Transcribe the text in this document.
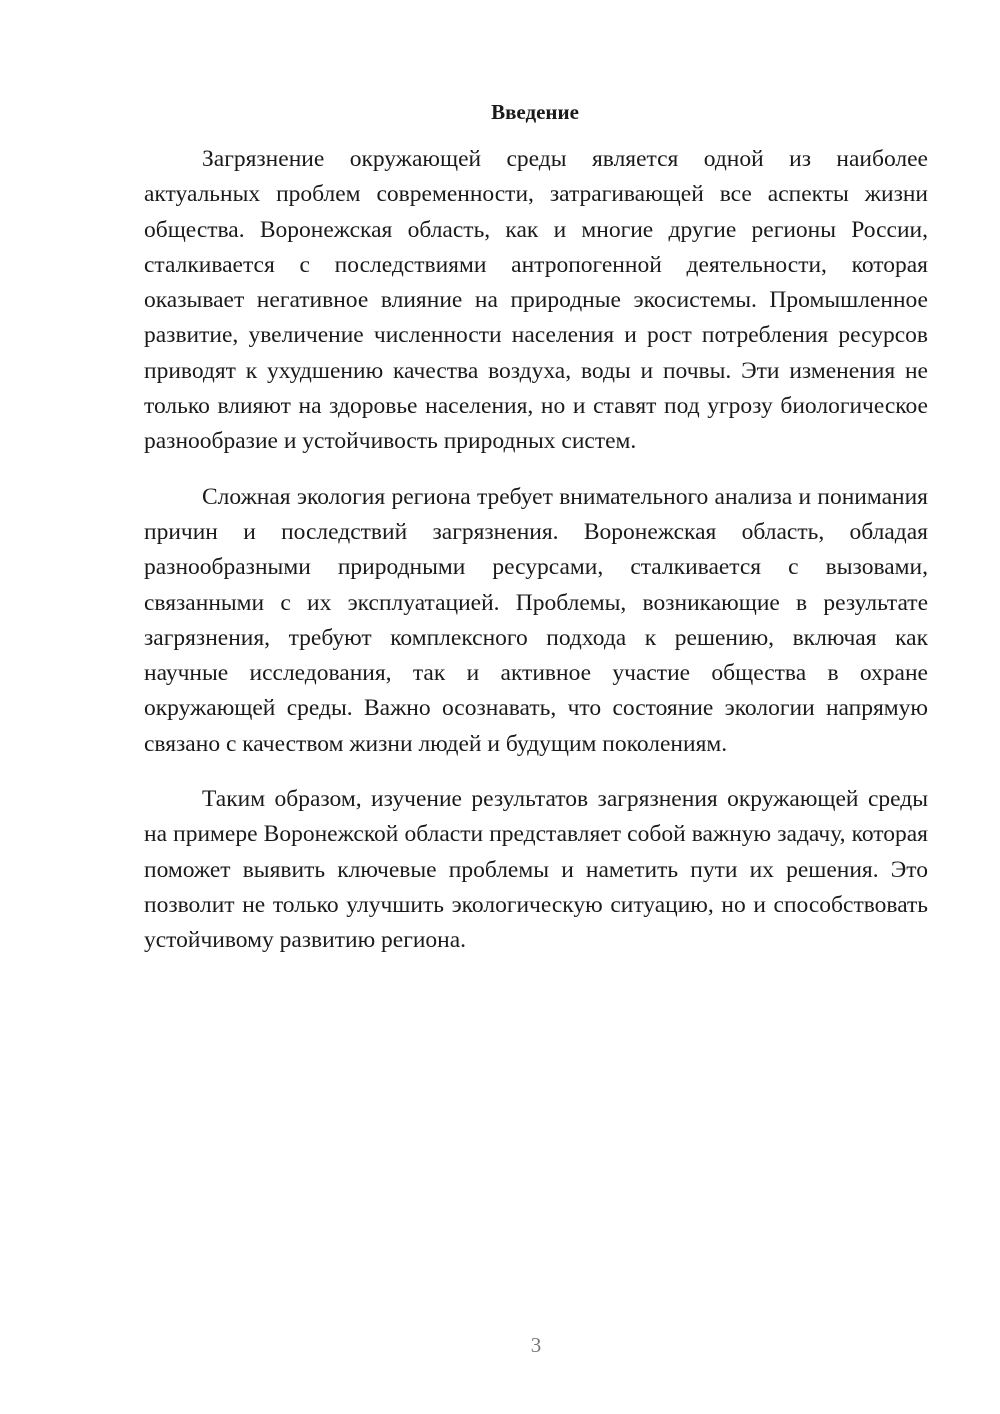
Введение

Загрязнение окружающей среды является одной из наиболее актуальных проблем современности, затрагивающей все аспекты жизни общества. Воронежская область, как и многие другие регионы России, сталкивается с последствиями антропогенной деятельности, которая оказывает негативное влияние на природные экосистемы. Промышленное развитие, увеличение численности населения и рост потребления ресурсов приводят к ухудшению качества воздуха, воды и почвы. Эти изменения не только влияют на здоровье населения, но и ставят под угрозу биологическое разнообразие и устойчивость природных систем.

Сложная экология региона требует внимательного анализа и понимания причин и последствий загрязнения. Воронежская область, обладая разнообразными природными ресурсами, сталкивается с вызовами, связанными с их эксплуатацией. Проблемы, возникающие в результате загрязнения, требуют комплексного подхода к решению, включая как научные исследования, так и активное участие общества в охране окружающей среды. Важно осознавать, что состояние экологии напрямую связано с качеством жизни людей и будущим поколениям.

Таким образом, изучение результатов загрязнения окружающей среды на примере Воронежской области представляет собой важную задачу, которая поможет выявить ключевые проблемы и наметить пути их решения. Это позволит не только улучшить экологическую ситуацию, но и способствовать устойчивому развитию региона.

3
